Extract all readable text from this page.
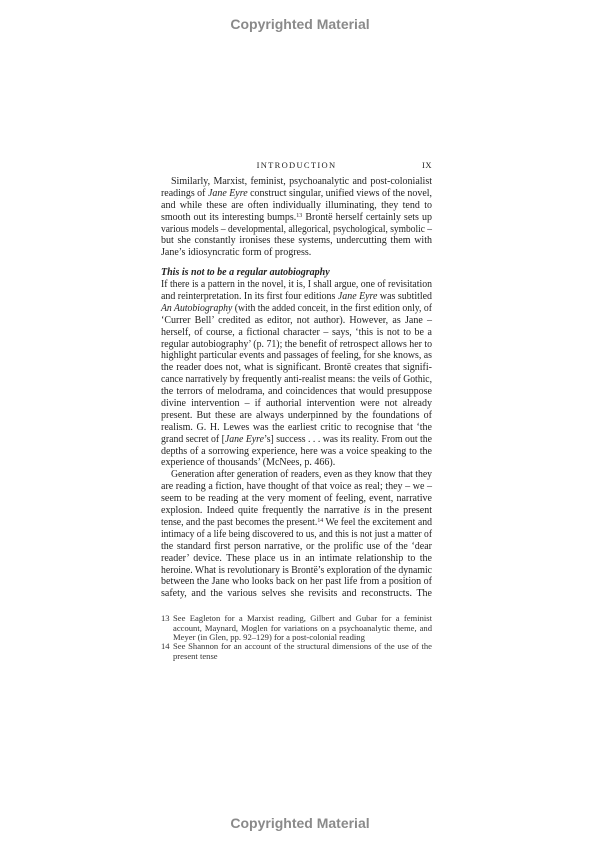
Copyrighted Material
INTRODUCTION	IX
Similarly, Marxist, feminist, psychoanalytic and post-colonialist
readings of Jane Eyre construct singular, unified views of the novel,
and while these are often individually illuminating, they tend to
smooth out its interesting bumps.$^{13}$ Brontë herself certainly sets up
various models – developmental, allegorical, psychological, symbolic –
but she constantly ironises these systems, undercutting them with
Jane’s idiosyncratic form of progress.
This is not to be a regular autobiography
If there is a pattern in the novel, it is, I shall argue, one of revisitation
and reinterpretation. In its first four editions Jane Eyre was subtitled
An Autobiography (with the added conceit, in the first edition only, of
‘Currer Bell’ credited as editor, not author). However, as Jane –
herself, of course, a fictional character – says, ‘this is not to be a
regular autobiography’ (p. 71); the benefit of retrospect allows her to
highlight particular events and passages of feeling, for she knows, as
the reader does not, what is significant. Brontë creates that signifi-
cance narratively by frequently anti-realist means: the veils of Gothic,
the terrors of melodrama, and coincidences that would presuppose
divine intervention – if authorial intervention were not already
present. But these are always underpinned by the foundations of
realism. G. H. Lewes was the earliest critic to recognise that ‘the
grand secret of [Jane Eyre’s] success . . . was its reality. From out the
depths of a sorrowing experience, here was a voice speaking to the
experience of thousands’ (McNees, p. 466).
Generation after generation of readers, even as they know that they
are reading a fiction, have thought of that voice as real; they – we –
seem to be reading at the very moment of feeling, event, narrative
explosion. Indeed quite frequently the narrative is in the present
tense, and the past becomes the present.$^{14}$ We feel the excitement and
intimacy of a life being discovered to us, and this is not just a matter of
the standard first person narrative, or the prolific use of the ‘dear
reader’ device. These place us in an intimate relationship to the
heroine. What is revolutionary is Brontë’s exploration of the dynamic
between the Jane who looks back on her past life from a position of
safety, and the various selves she revisits and reconstructs. The
13 See Eagleton for a Marxist reading, Gilbert and Gubar for a feminist
account, Maynard, Moglen for variations on a psychoanalytic theme, and
Meyer (in Glen, pp. 92–129) for a post-colonial reading
14 See Shannon for an account of the structural dimensions of the use of the
present tense
Copyrighted Material
